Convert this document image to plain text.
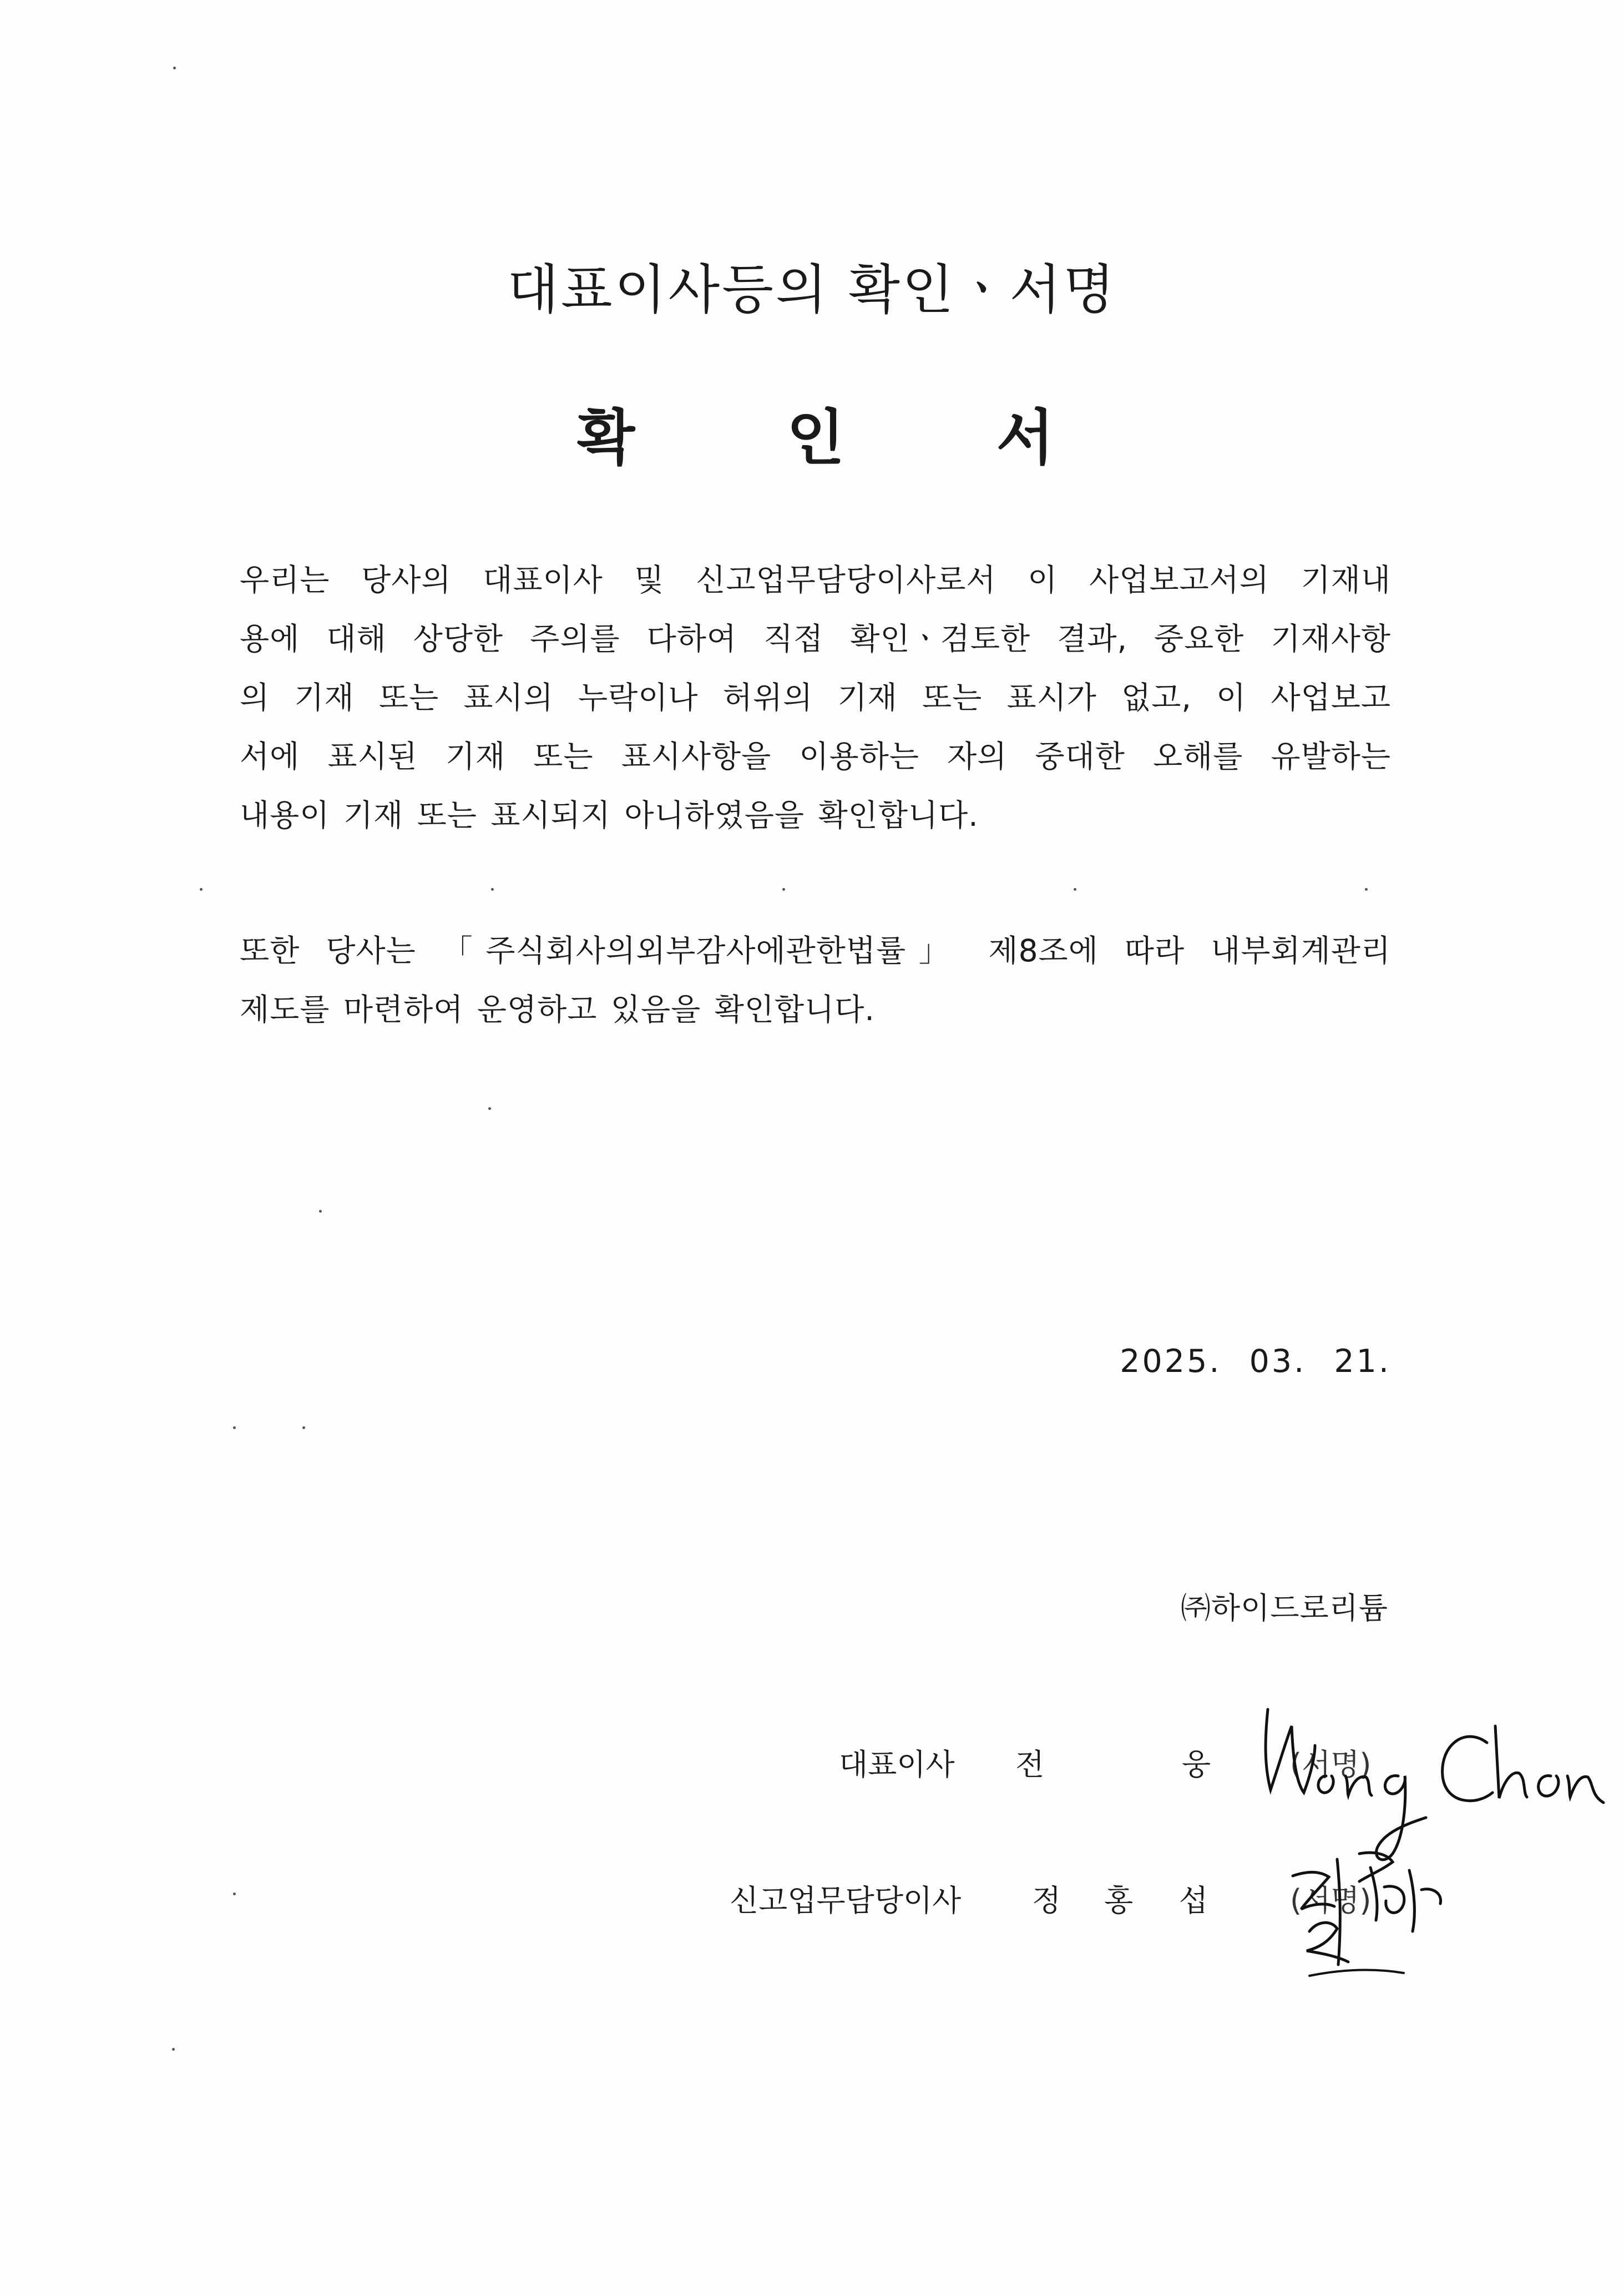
대표이사등의 확인ㆍ서명
확	인	서
우리는 당사의 대표이사 및 신고업무담당이사로서 이 사업보고서의 기재내
용에 대해 상당한 주의를 다하여 직접 확인ㆍ검토한 결과, 중요한 기재사항
의 기재 또는 표시의 누락이나 허위의 기재 또는 표시가 없고, 이 사업보고
서에 표시된 기재 또는 표시사항을 이용하는 자의 중대한 오해를 유발하는
내용이 기재 또는 표시되지 아니하였음을 확인합니다.
또한 당사는 「주식회사의외부감사에관한법률」 제8조에 따라 내부회계관리
제도를 마련하여 운영하고 있음을 확인합니다.
2025. 03. 21.
㈜하이드로리튬
대표이사 전	웅	(서명)
신고업무담당이사 정 홍 섭	(서명)
